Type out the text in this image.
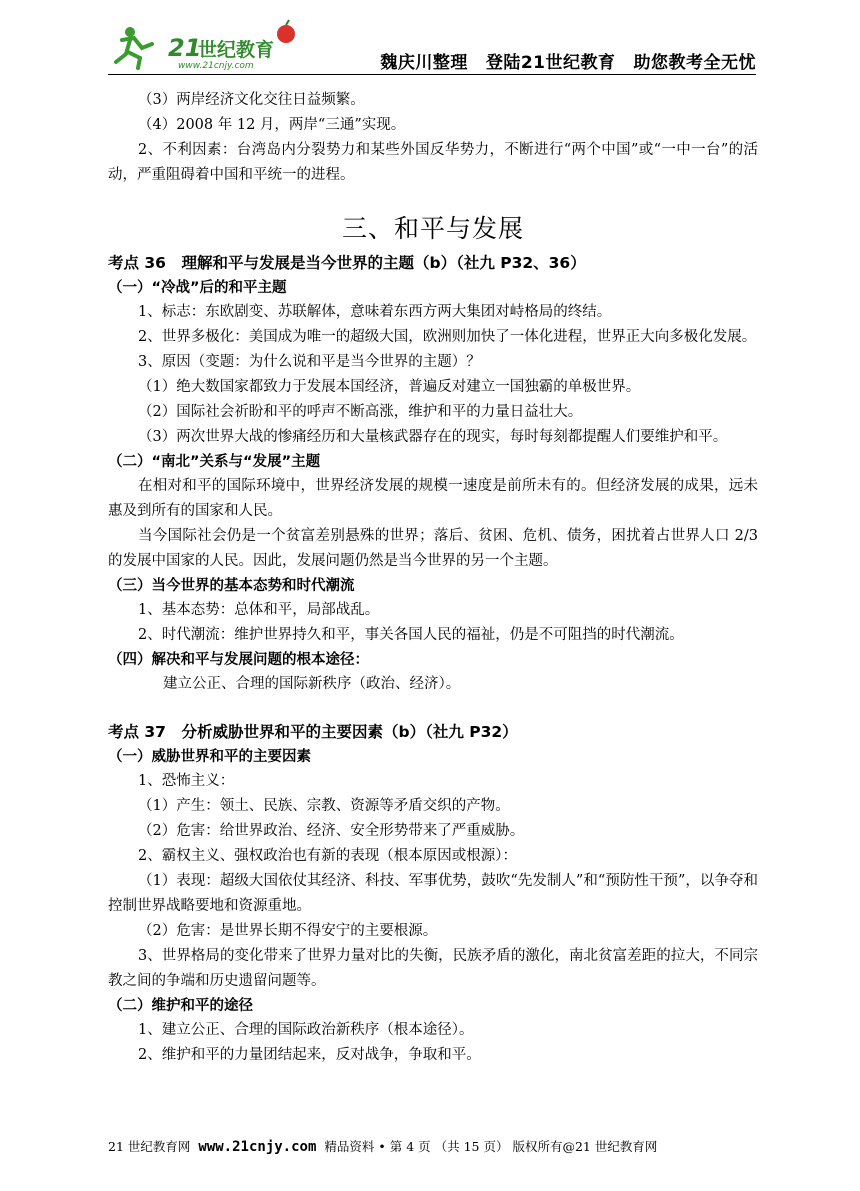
21
世纪教育
www.21cnjy.com	魏庆川整理 登陆21世纪教育 助您教考全无忧
（3）两岸经济文化交往日益频繁。
（4）2008 年 12 月，两岸“三通”实现。
2、不利因素：台湾岛内分裂势力和某些外国反华势力，不断进行“两个中国”或“一中一台”的活动，严重阻碍着中国和平统一的进程。
三、和平与发展
考点 36　理解和平与发展是当今世界的主题（b）（社九 P32、36）
（一）“冷战”后的和平主题
1、标志：东欧剧变、苏联解体，意味着东西方两大集团对峙格局的终结。
2、世界多极化：美国成为唯一的超级大国，欧洲则加快了一体化进程，世界正大向多极化发展。
3、原因（变题：为什么说和平是当今世界的主题）？
（1）绝大数国家都致力于发展本国经济，普遍反对建立一国独霸的单极世界。
（2）国际社会祈盼和平的呼声不断高涨，维护和平的力量日益壮大。
（3）两次世界大战的惨痛经历和大量核武器存在的现实，每时每刻都提醒人们要维护和平。
（二）“南北”关系与“发展”主题
在相对和平的国际环境中，世界经济发展的规模一速度是前所未有的。但经济发展的成果，远未惠及到所有的国家和人民。
当今国际社会仍是一个贫富差别悬殊的世界；落后、贫困、危机、债务，困扰着占世界人口 2/3 的发展中国家的人民。因此，发展问题仍然是当今世界的另一个主题。
（三）当今世界的基本态势和时代潮流
1、基本态势：总体和平，局部战乱。
2、时代潮流：维护世界持久和平，事关各国人民的福祉，仍是不可阻挡的时代潮流。
（四）解决和平与发展问题的根本途径：
建立公正、合理的国际新秩序（政治、经济）。
考点 37　分析威胁世界和平的主要因素（b）（社九 P32）
（一）威胁世界和平的主要因素
1、恐怖主义：
（1）产生：领土、民族、宗教、资源等矛盾交织的产物。
（2）危害：给世界政治、经济、安全形势带来了严重威胁。
2、霸权主义、强权政治也有新的表现（根本原因或根源）：
（1）表现：超级大国依仗其经济、科技、军事优势，鼓吹“先发制人”和“预防性干预”，以争夺和控制世界战略要地和资源重地。
（2）危害：是世界长期不得安宁的主要根源。
3、世界格局的变化带来了世界力量对比的失衡，民族矛盾的激化，南北贫富差距的拉大，不同宗教之间的争端和历史遗留问题等。
（二）维护和平的途径
1、建立公正、合理的国际政治新秩序（根本途径）。
2、维护和平的力量团结起来，反对战争，争取和平。
21 世纪教育网 www.21cnjy.com 精品资料 • 第 4 页 （共 15 页） 版权所有@21 世纪教育网
